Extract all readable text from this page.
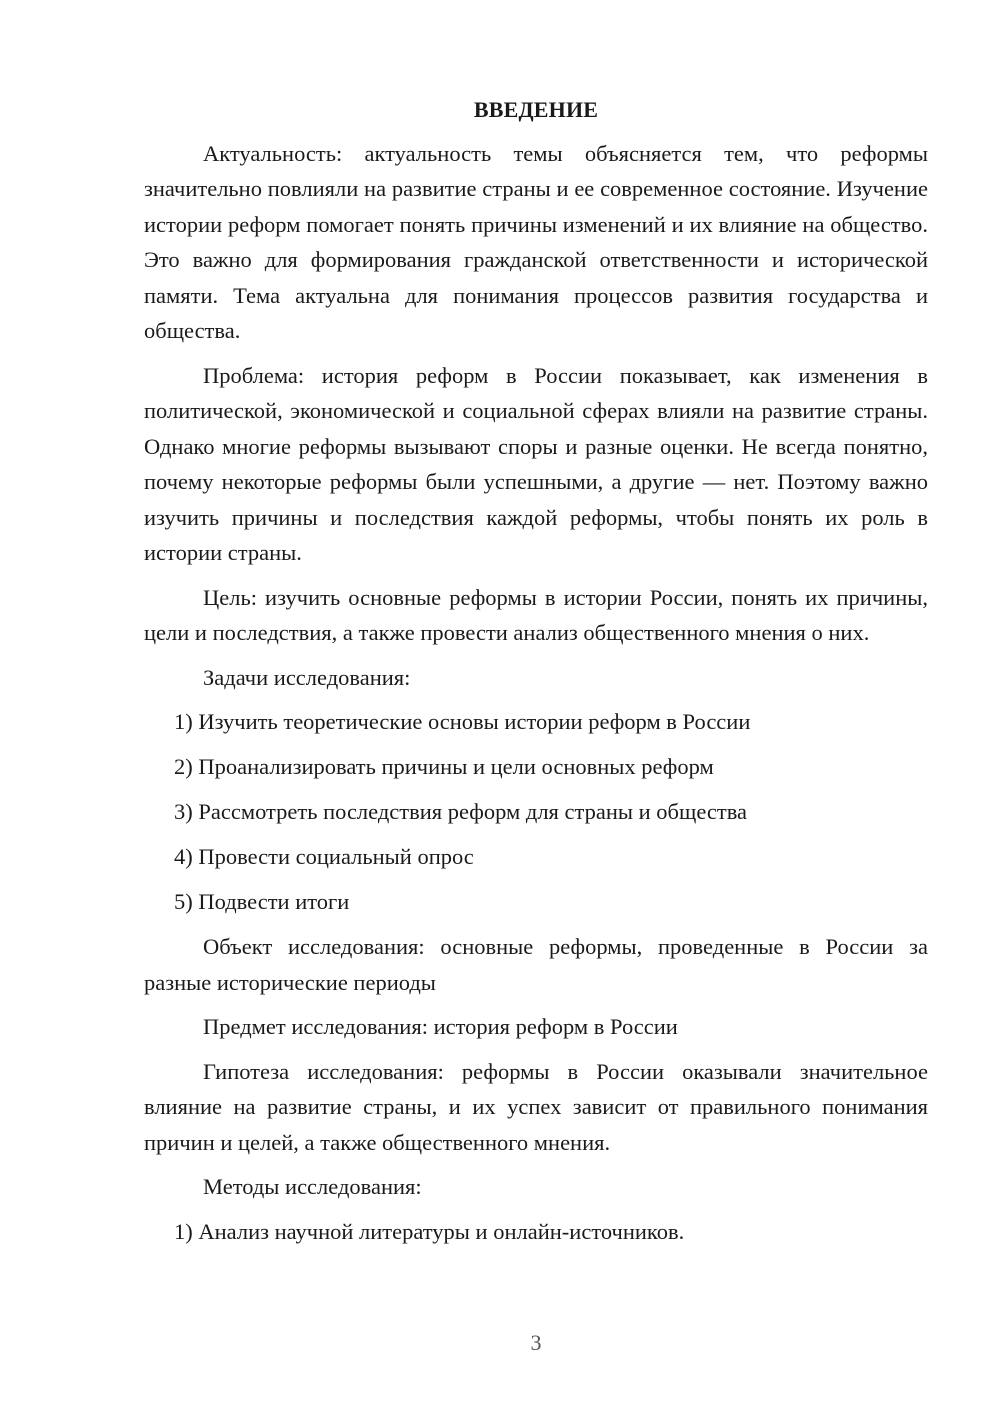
ВВЕДЕНИЕ

Актуальность: актуальность темы объясняется тем, что реформы значительно повлияли на развитие страны и ее современное состояние. Изучение истории реформ помогает понять причины изменений и их влияние на общество. Это важно для формирования гражданской ответственности и исторической памяти. Тема актуальна для понимания процессов развития государства и общества.

Проблема: история реформ в России показывает, как изменения в политической, экономической и социальной сферах влияли на развитие страны. Однако многие реформы вызывают споры и разные оценки. Не всегда понятно, почему некоторые реформы были успешными, а другие — нет. Поэтому важно изучить причины и последствия каждой реформы, чтобы понять их роль в истории страны.

Цель: изучить основные реформы в истории России, понять их причины, цели и последствия, а также провести анализ общественного мнения о них.

Задачи исследования:

1) Изучить теоретические основы истории реформ в России
2) Проанализировать причины и цели основных реформ
3) Рассмотреть последствия реформ для страны и общества
4) Провести социальный опрос
5) Подвести итоги

Объект исследования: основные реформы, проведенные в России за разные исторические периоды

Предмет исследования: история реформ в России

Гипотеза исследования: реформы в России оказывали значительное влияние на развитие страны, и их успех зависит от правильного понимания причин и целей, а также общественного мнения.

Методы исследования:

1) Анализ научной литературы и онлайн-источников.
3
